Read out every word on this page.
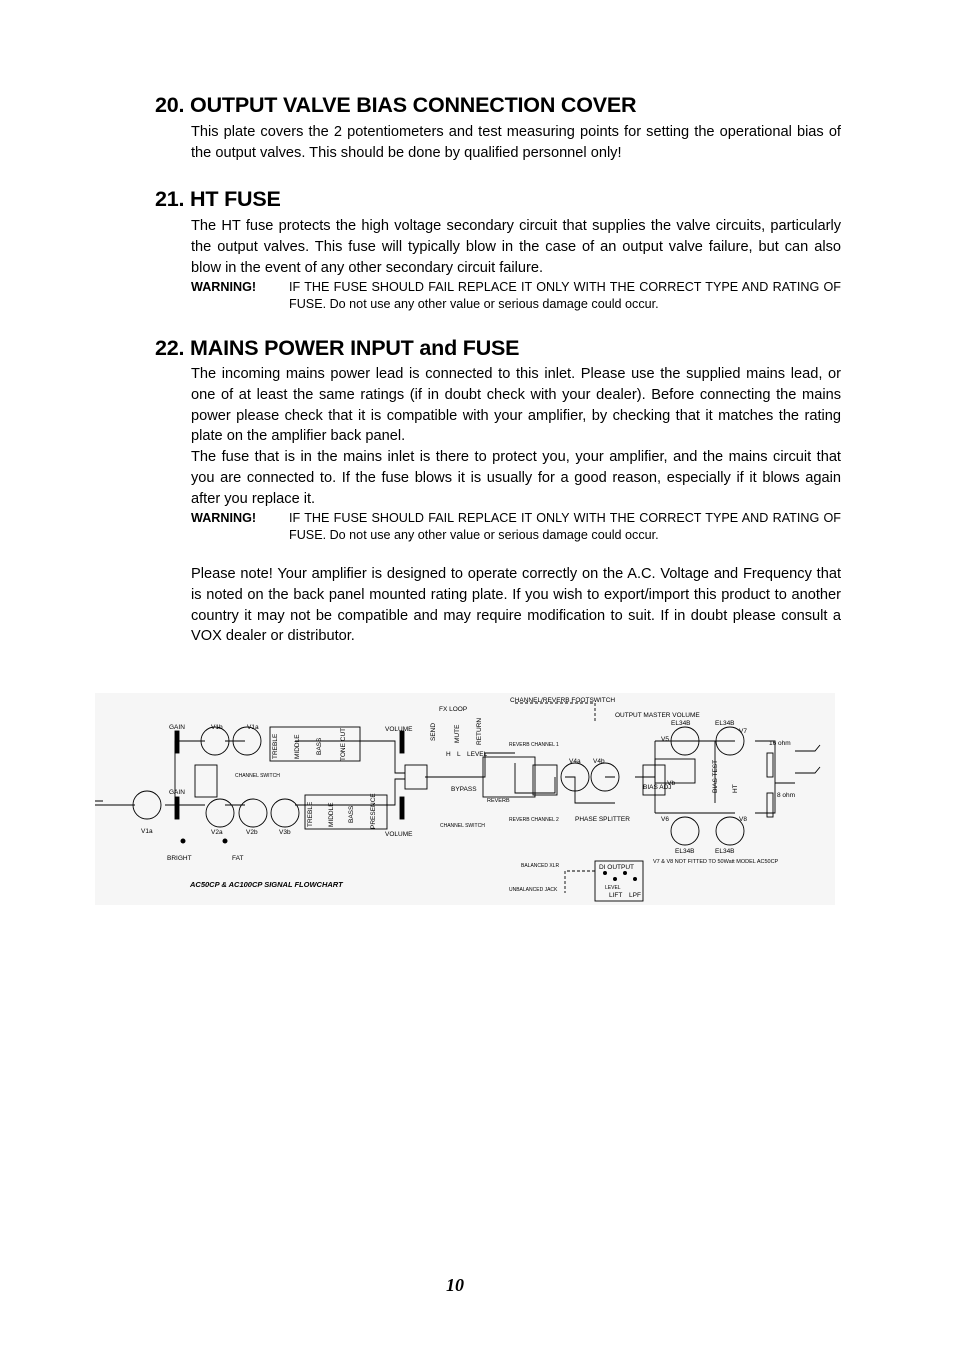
20. OUTPUT VALVE BIAS CONNECTION COVER

This plate covers the 2 potentiometers and test measuring points for setting the operational bias of the output valves. This should be done by qualified personnel only!

21. HT FUSE

The HT fuse protects the high voltage secondary circuit that supplies the valve circuits, particularly the output valves. This fuse will typically blow in the case of an output valve failure, but can also blow in the event of any other secondary circuit failure.

WARNING!	IF THE FUSE SHOULD FAIL REPLACE IT ONLY WITH THE CORRECT TYPE AND RATING OF FUSE. Do not use any other value or serious damage could occur.
22. MAINS POWER INPUT and FUSE

The incoming mains power lead is connected to this inlet. Please use the supplied mains lead, or one of at least the same ratings (if in doubt check with your dealer). Before connecting the mains power please check that it is compatible with your amplifier, by checking that it matches the rating plate on the amplifier back panel.

The fuse that is in the mains inlet is there to protect you, your amplifier, and the mains circuit that you are connected to. If the fuse blows it is usually for a good reason, especially if it blows again after you replace it.

WARNING!	IF THE FUSE SHOULD FAIL REPLACE IT ONLY WITH THE CORRECT TYPE AND RATING OF FUSE. Do not use any other value or serious damage could occur.

Please note! Your amplifier is designed to operate correctly on the A.C. Voltage and Frequency that is noted on the back panel mounted rating plate. If you wish to export/import this product to another country it may not be compatible and may require modification to suit. If in doubt please consult a VOX dealer or distributor.

GAIN
GAIN
V1b	V1a
V1a	V2a	V2b	V3b
BRIGHT	FAT
TREBLE MIDDLE BASS	TONE CUT
TREBLE MIDDLE BASS PRESENCE
CHANNEL SWITCH
CHANNEL SWITCH
VOLUME
VOLUME
FX LOOP
SEND	MUTE RETURN
LEVEL
H L
BYPASS
REVERB CHANNEL 1
REVERB
REVERB CHANNEL 2
CHANNEL/REVERB FOOTSWITCH
V4a V4b
PHASE SPLITTER
OUTPUT MASTER VOLUME
V5
V6
BIAS ADJ
-Vb	BIAS TEST HT
EL34B	EL34B
EL34B	EL34B
V7
V8
16 ohm
8 ohm
V7 & V8 NOT FITTED TO 50Watt MODEL AC50CP
BALANCED XLR
UNBALANCED JACK
DI OUTPUT
LEVEL
LIFT LPF
AC50CP & AC100CP SIGNAL FLOWCHART
10
